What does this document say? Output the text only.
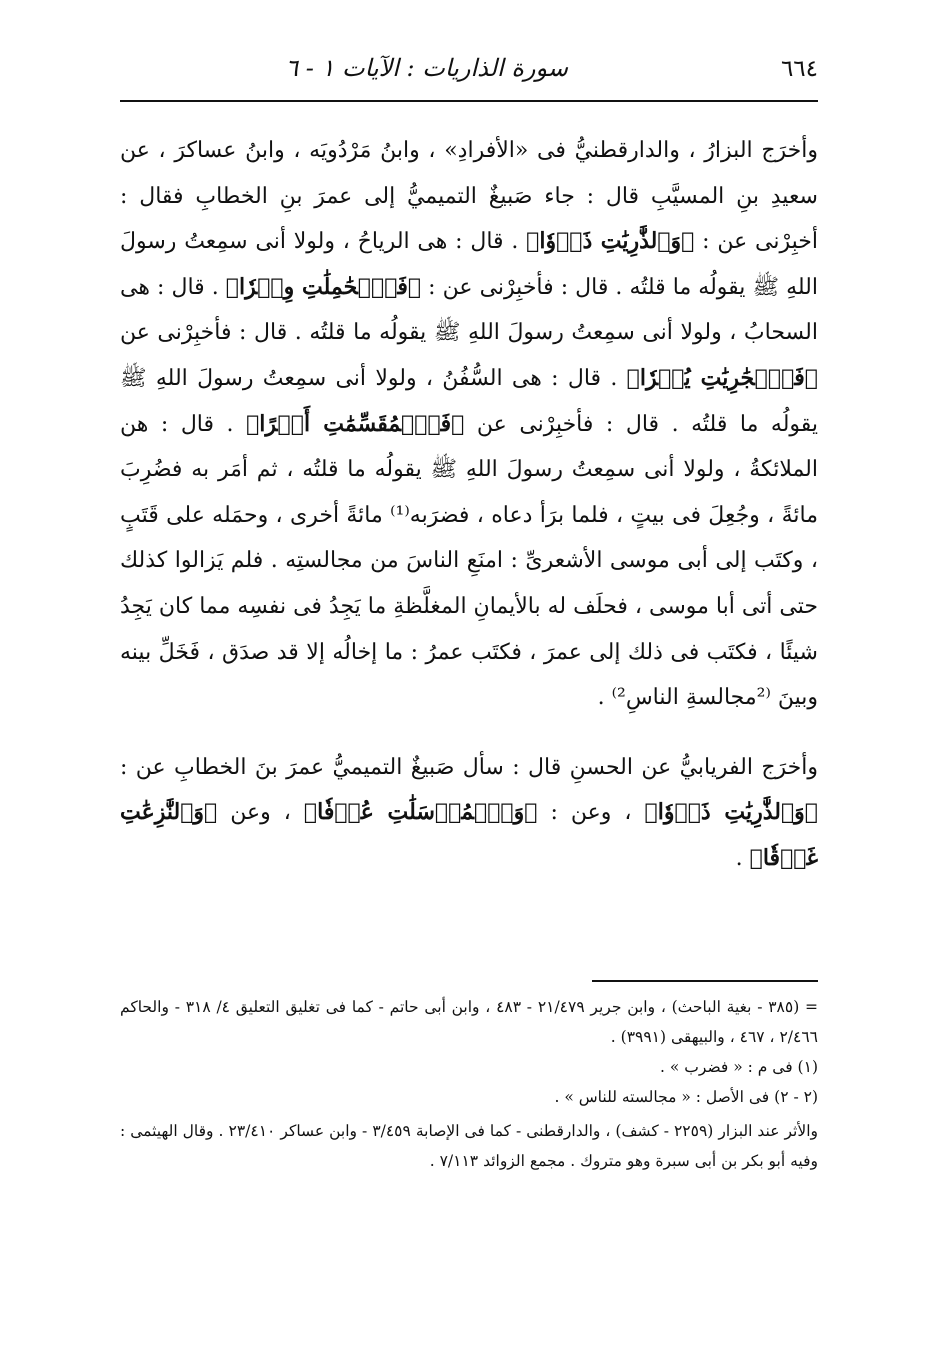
٦٦٤
سورة الذاريات : الآيات ١ - ٦

وأخرَج البزارُ ، والدارقطنيُّ فى «الأفرادِ» ، وابنُ مَرْدُويَه ، وابنُ عساكرَ ، عن سعيدِ بنِ المسيَّبِ قال : جاء صَبيغٌ التميميُّ إلى عمرَ بنِ الخطابِ فقال : أخبِرْنى عن : ﴿وَٱلذَّٰرِيَٰتِ ذَرۡوٗا﴾ . قال : هى الرياحُ ، ولولا أنى سمِعتُ رسولَ اللهِ ﷺ يقولُه ما قلتُه . قال : فأخبِرْنى عن : ﴿فَٱلۡحَٰمِلَٰتِ وِقۡرٗا﴾ . قال : هى السحابُ ، ولولا أنى سمِعتُ رسولَ اللهِ ﷺ يقولُه ما قلتُه . قال : فأخبِرْنى عن ﴿فَٱلۡجَٰرِيَٰتِ يُسۡرٗا﴾ . قال : هى السُّفُنُ ، ولولا أنى سمِعتُ رسولَ اللهِ ﷺ يقولُه ما قلتُه . قال : فأخبِرْنى عن ﴿فَٱلۡمُقَسِّمَٰتِ أَمۡرًا﴾ . قال : هن الملائكةُ ، ولولا أنى سمِعتُ رسولَ اللهِ ﷺ يقولُه ما قلتُه ، ثم أمَر به فضُرِبَ مائةً ، وجُعِلَ فى بيتٍ ، فلما برَأ دعاه ، فضرَبه⁽¹⁾ مائةً أخرى ، وحمَله على قَتَبٍ ، وكتَب إلى أبى موسى الأشعرىِّ : امنَعِ الناسَ من مجالستِه . فلم يَزالوا كذلك حتى أتى أبا موسى ، فحلَف له بالأيمانِ المغلَّظةِ ما يَجِدُ فى نفسِه مما كان يَجِدُ شيئًا ، فكتَب فى ذلك إلى عمرَ ، فكتَب عمرُ : ما إخالُه إلا قد صدَق ، فَخَلِّ بينه وبينَ ⁽²مجالسةِ الناسِ²⁾ .

وأخرَج الفريابيُّ عن الحسنِ قال : سأل صَبيغٌ التميميُّ عمرَ بنَ الخطابِ عن : ﴿وَٱلذَّٰرِيَٰتِ ذَرۡوٗا﴾ ، وعن : ﴿وَٱلۡمُرۡسَلَٰتِ عُرۡفٗا﴾ ، وعن ﴿وَٱلنَّٰزِعَٰتِ غَرۡقٗا﴾ .

= (٣٨٥ - بغية الباحث) ، وابن جرير ٢١/٤٧٩ - ٤٨٣ ، وابن أبى حاتم - كما فى تغليق التعليق ٤/ ٣١٨ - والحاكم ٢/٤٦٦ ، ٤٦٧ ، والبيهقى (٣٩٩١) .

(١) فى م : « فضرب » .

(٢ - ٢) فى الأصل : « مجالسته للناس » .

والأثر عند البزار (٢٢٥٩ - كشف) ، والدارقطنى - كما فى الإصابة ٣/٤٥٩ - وابن عساكر ٢٣/٤١٠ . وقال الهيثمى : وفيه أبو بكر بن أبى سبرة وهو متروك . مجمع الزوائد ٧/١١٣ .
